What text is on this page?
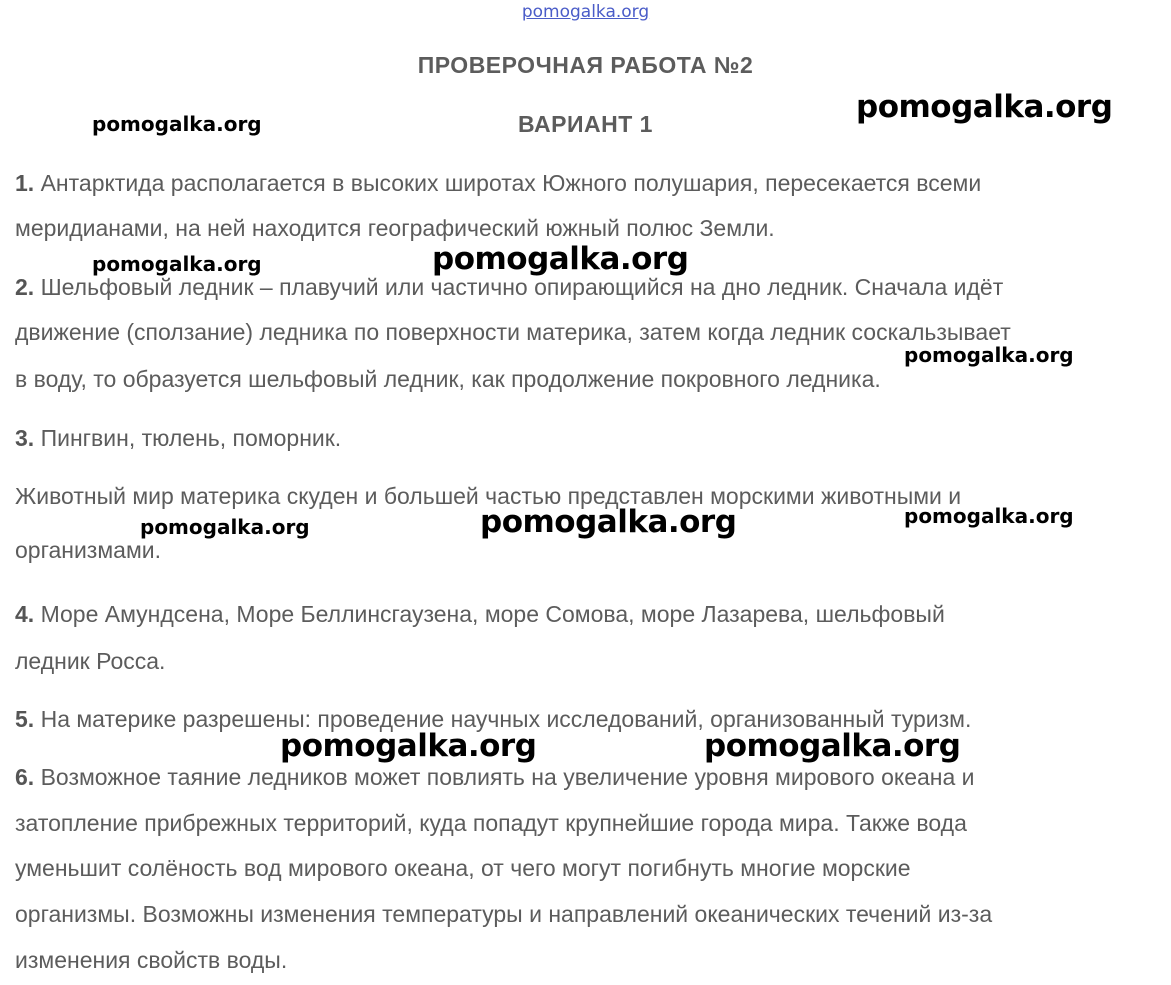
pomogalka.org
ПРОВЕРОЧНАЯ РАБОТА №2
ВАРИАНТ 1
1. Антарктида располагается в высоких широтах Южного полушария, пересекается всеми
меридианами, на ней находится географический южный полюс Земли.
2. Шельфовый ледник – плавучий или частично опирающийся на дно ледник. Сначала идёт
движение (сползание) ледника по поверхности материка, затем когда ледник соскальзывает
в воду, то образуется шельфовый ледник, как продолжение покровного ледника.
3. Пингвин, тюлень, поморник.
Животный мир материка скуден и большей частью представлен морскими животными и
организмами.
4. Море Амундсена, Море Беллинсгаузена, море Сомова, море Лазарева, шельфовый
ледник Росса.
5. На материке разрешены: проведение научных исследований, организованный туризм.
6. Возможное таяние ледников может повлиять на увеличение уровня мирового океана и
затопление прибрежных территорий, куда попадут крупнейшие города мира. Также вода
уменьшит солёность вод мирового океана, от чего могут погибнуть многие морские
организмы. Возможны изменения температуры и направлений океанических течений из-за
изменения свойств воды.
pomogalka.org	pomogalka.org
pomogalka.org	pomogalka.org
pomogalka.org
pomogalka.org	pomogalka.org	pomogalka.org
pomogalka.org	pomogalka.org
